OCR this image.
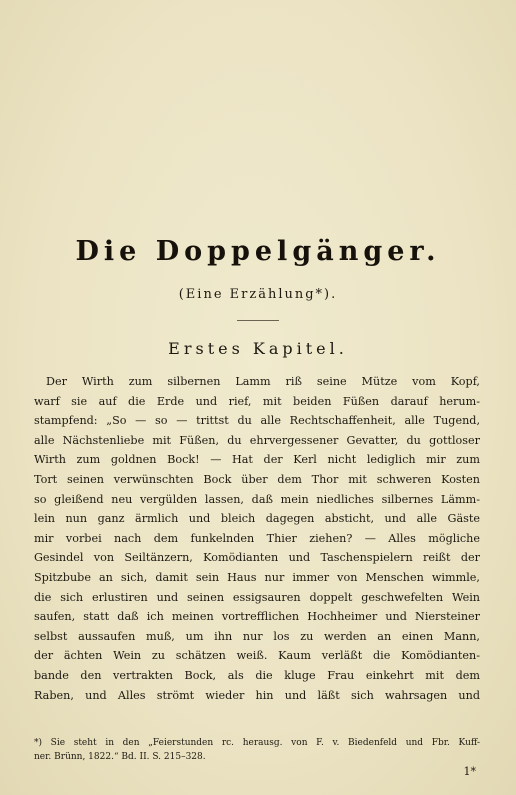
Die Doppelgänger.
(Eine Erzählung*).
Erstes Kapitel.
Der Wirth zum silbernen Lamm riß seine Mütze vom Kopf,
warf sie auf die Erde und rief, mit beiden Füßen darauf herum-
stampfend: „So — so — trittst du alle Rechtschaffenheit, alle Tugend,
alle Nächstenliebe mit Füßen, du ehrvergessener Gevatter, du gottloser
Wirth zum goldnen Bock! — Hat der Kerl nicht lediglich mir zum
Tort seinen verwünschten Bock über dem Thor mit schweren Kosten
so gleißend neu vergülden lassen, daß mein niedliches silbernes Lämm-
lein nun ganz ärmlich und bleich dagegen absticht, und alle Gäste
mir vorbei nach dem funkelnden Thier ziehen? — Alles mögliche
Gesindel von Seiltänzern, Komödianten und Taschenspielern reißt der
Spitzbube an sich, damit sein Haus nur immer von Menschen wimmle,
die sich erlustiren und seinen essigsauren doppelt geschwefelten Wein
saufen, statt daß ich meinen vortrefflichen Hochheimer und Niersteiner
selbst aussaufen muß, um ihn nur los zu werden an einen Mann,
der ächten Wein zu schätzen weiß. Kaum verläßt die Komödianten-
bande den vertrakten Bock, als die kluge Frau einkehrt mit dem
Raben, und Alles strömt wieder hin und läßt sich wahrsagen und
*) Sie steht in den „Feierstunden rc. herausg. von F. v. Biedenfeld und Fbr. Kuff-
ner. Brünn, 1822.“ Bd. II. S. 215–328.
1*
